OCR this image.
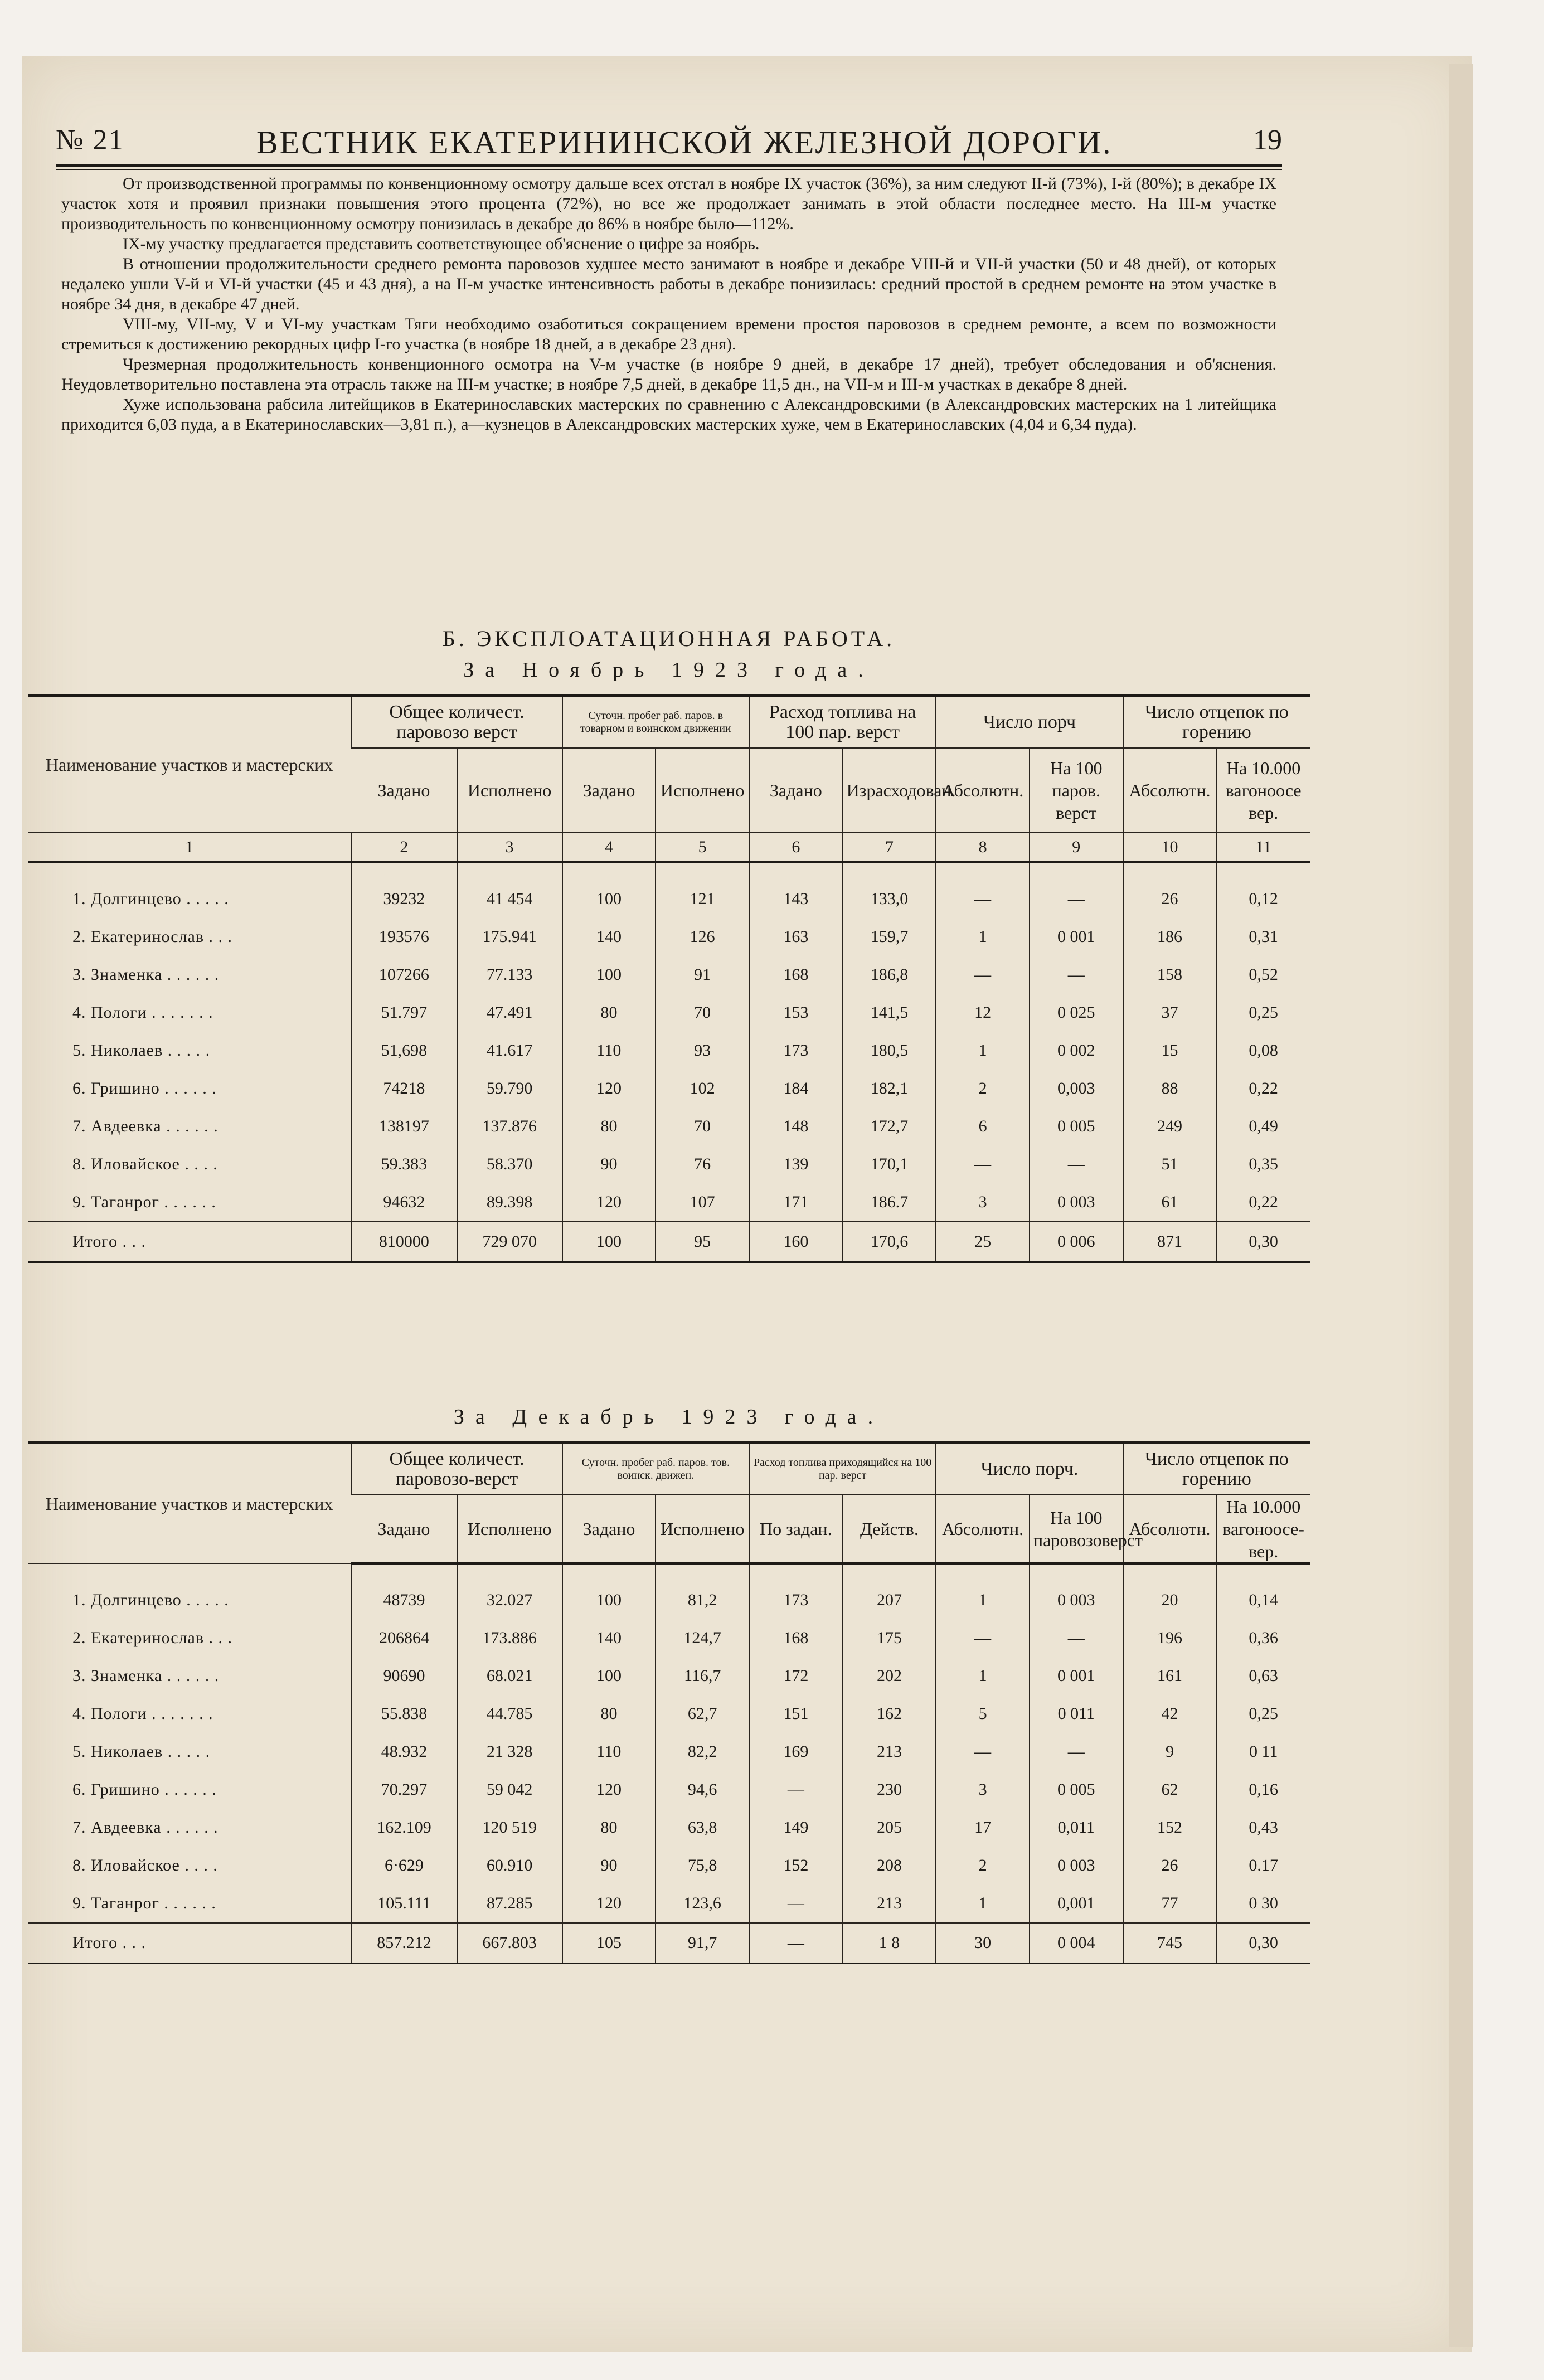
№ 21	ВЕСТНИК ЕКАТЕРИНИНСКОЙ ЖЕЛЕЗНОЙ ДОРОГИ.	19

От производственной программы по конвенционному осмотру дальше всех отстал в ноябре IX участок (36%), за ним следуют II-й (73%), I-й (80%); в декабре IX участок хотя и проявил признаки повышения этого процента (72%), но все же продолжает занимать в этой области последнее место. На III-м участке производительность по конвенционному осмотру понизилась в декабре до 86% в ноябре было—112%.

IX-му участку предлагается представить соответствующее об'яснение о цифре за ноябрь.

В отношении продолжительности среднего ремонта паровозов худшее место занимают в ноябре и декабре VIII-й и VII-й участки (50 и 48 дней), от которых недалеко ушли V-й и VI-й участки (45 и 43 дня), а на II-м участке интенсивность работы в декабре понизилась: средний простой в среднем ремонте на этом участке в ноябре 34 дня, в декабре 47 дней.

VIII-му, VII-му, V и VI-му участкам Тяги необходимо озаботиться сокращением времени простоя паровозов в среднем ремонте, а всем по возможности стремиться к достижению рекордных цифр I-го участка (в ноябре 18 дней, а в декабре 23 дня).

Чрезмерная продолжительность конвенционного осмотра на V-м участке (в ноябре 9 дней, в декабре 17 дней), требует обследования и об'яснения. Неудовлетворительно поставлена эта отрасль также на III-м участке; в ноябре 7,5 дней, в декабре 11,5 дн., на VII-м и III-м участках в декабре 8 дней.

Хуже использована рабсила литейщиков в Екатеринославских мастерских по сравнению с Александровскими (в Александровских мастерских на 1 литейщика приходится 6,03 пуда, а в Екатеринославских—3,81 п.), а—кузнецов в Александровских мастерских хуже, чем в Екатеринославских (4,04 и 6,34 пуда).

Б. ЭКСПЛОАТАЦИОННАЯ РАБОТА.
За Ноябрь 1923 года.
Наименование участков и мастерских	Общее количест. паровозо верст		Суточн. пробег раб. паров. в товарном и воинском движении		Расход топлива на 100 пар. верст		Число порч		Число отцепок по горению	
	Задано	Исполнено	Задано	Исполнено	Задано	Израсходован.	Абсолютн.	На 100 паров. верст	Абсолютн.	На 10.000 вагоноосе вер.
1	2	3	4	5	6	7	8	9	10	11
1. Долгинцево . . . . .	39232	41 454	100	121	143	133,0	—	—	26	0,12
2. Екатеринослав . . .	193576	175.941	140	126	163	159,7	1	0 001	186	0,31
3. Знаменка . . . . . .	107266	77.133	100	91	168	186,8	—	—	158	0,52
4. Пологи . . . . . . .	51.797	47.491	80	70	153	141,5	12	0 025	37	0,25
5. Николаев . . . . .	51,698	41.617	110	93	173	180,5	1	0 002	15	0,08
6. Гришино . . . . . .	74218	59.790	120	102	184	182,1	2	0,003	88	0,22
7. Авдеевка . . . . . .	138197	137.876	80	70	148	172,7	6	0 005	249	0,49
8. Иловайское . . . .	59.383	58.370	90	76	139	170,1	—	—	51	0,35
9. Таганрог . . . . . .	94632	89.398	120	107	171	186.7	3	0 003	61	0,22
Итого . . .	810000	729 070	100	95	160	170,6	25	0 006	871	0,30
За Декабрь 1923 года.
Наименование участков и мастерских	Общее количест. паровозо-верст		Суточн. пробег раб. паров. тов. воинск. движен.		Расход топлива приходящийся на 100 пар. верст		Число порч.		Число отцепок по горению	
	Задано	Исполнено	Задано	Исполнено	По задан.	Действ.	Абсолютн.	На 100 паровозоверст	Абсолютн.	На 10.000 вагоноосе-вер.
1. Долгинцево . . . . .	48739	32.027	100	81,2	173	207	1	0 003	20	0,14
2. Екатеринослав . . .	206864	173.886	140	124,7	168	175	—	—	196	0,36
3. Знаменка . . . . . .	90690	68.021	100	116,7	172	202	1	0 001	161	0,63
4. Пологи . . . . . . .	55.838	44.785	80	62,7	151	162	5	0 011	42	0,25
5. Николаев . . . . .	48.932	21 328	110	82,2	169	213	—	—	9	0 11
6. Гришино . . . . . .	70.297	59 042	120	94,6	—	230	3	0 005	62	0,16
7. Авдеевка . . . . . .	162.109	120 519	80	63,8	149	205	17	0,011	152	0,43
8. Иловайское . . . .	6·629	60.910	90	75,8	152	208	2	0 003	26	0.17
9. Таганрог . . . . . .	105.111	87.285	120	123,6	—	213	1	0,001	77	0 30
Итого . . .	857.212	667.803	105	91,7	—	1 8	30	0 004	745	0,30
